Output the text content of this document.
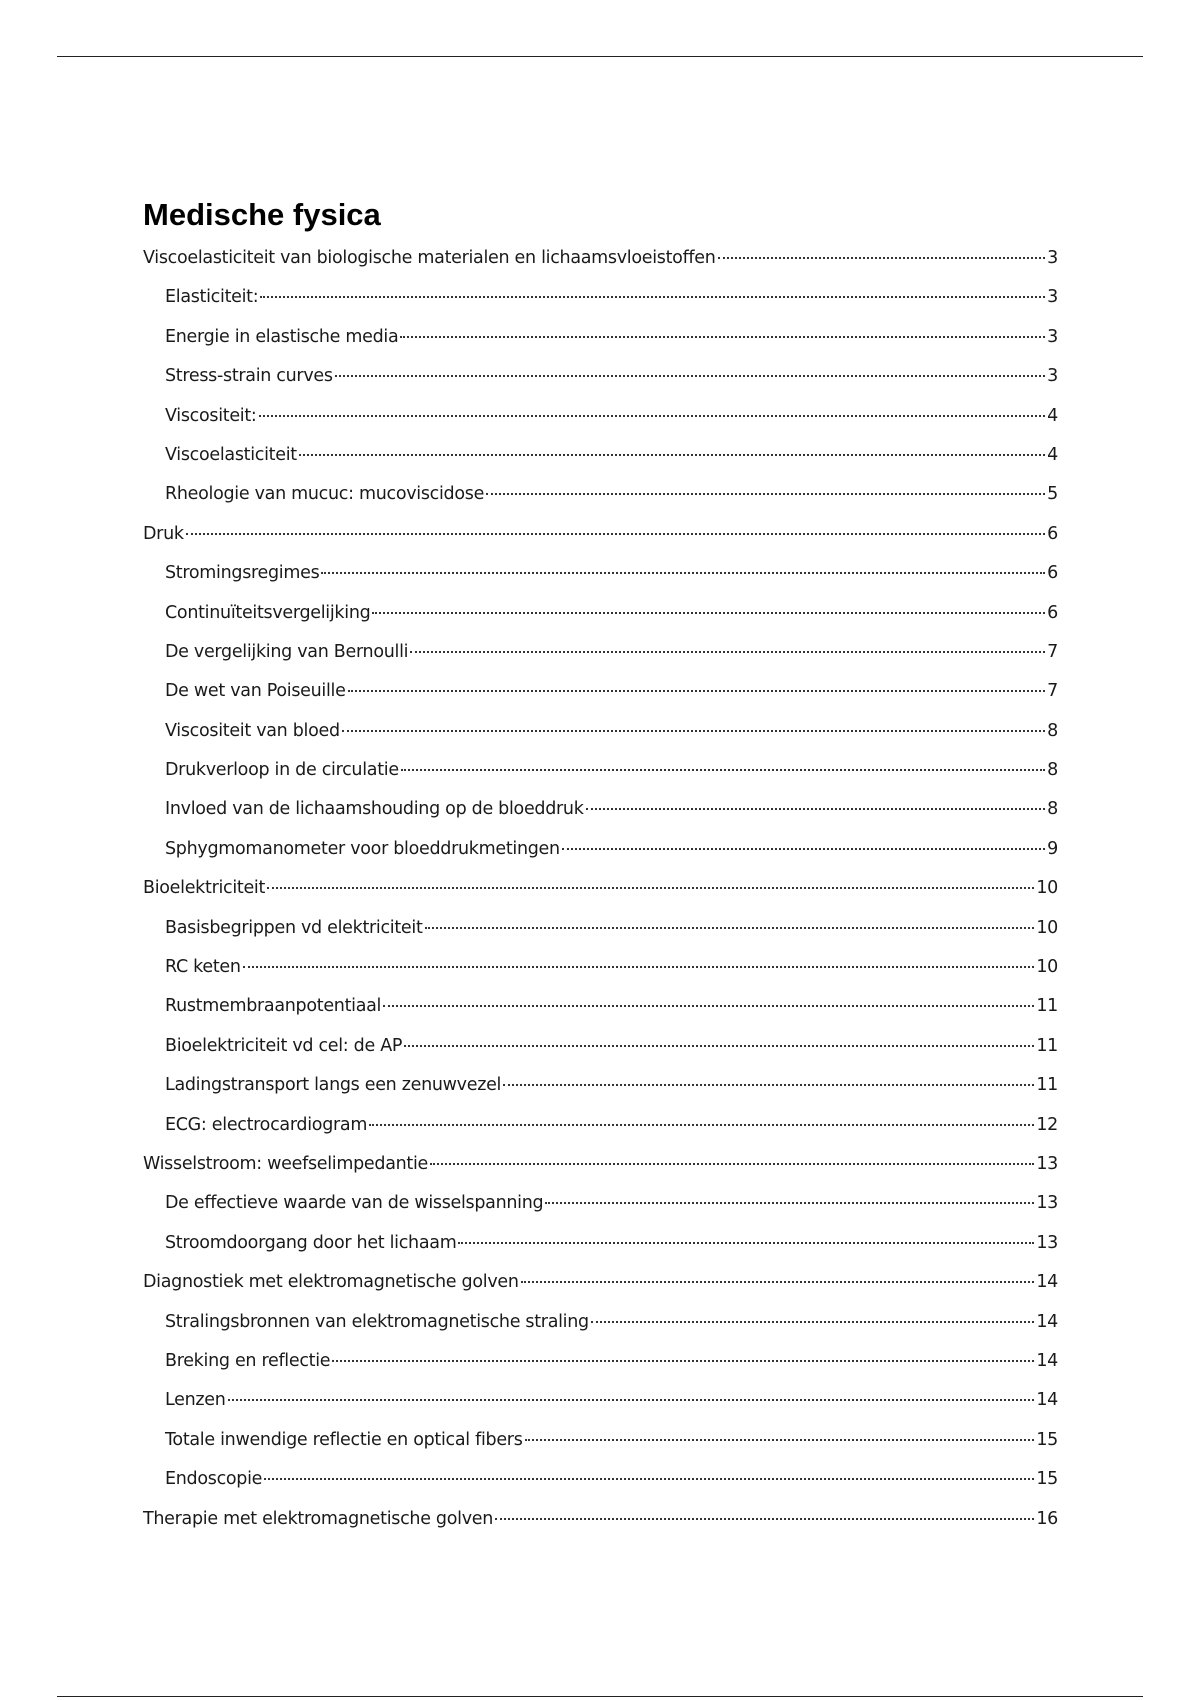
Medische fysica
Viscoelasticiteit van biologische materialen en lichaamsvloeistoffen	3
Elasticiteit:	3
Energie in elastische media	3
Stress-strain curves	3
Viscositeit:	4
Viscoelasticiteit	4
Rheologie van mucuc: mucoviscidose	5
Druk	6
Stromingsregimes	6
Continuïteitsvergelijking	6
De vergelijking van Bernoulli	7
De wet van Poiseuille	7
Viscositeit van bloed	8
Drukverloop in de circulatie	8
Invloed van de lichaamshouding op de bloeddruk	8
Sphygmomanometer voor bloeddrukmetingen	9
Bioelektriciteit	10
Basisbegrippen vd elektriciteit	10
RC keten	10
Rustmembraanpotentiaal	11
Bioelektriciteit vd cel: de AP	11
Ladingstransport langs een zenuwvezel	11
ECG: electrocardiogram	12
Wisselstroom: weefselimpedantie	13
De effectieve waarde van de wisselspanning	13
Stroomdoorgang door het lichaam	13
Diagnostiek met elektromagnetische golven	14
Stralingsbronnen van elektromagnetische straling	14
Breking en reflectie	14
Lenzen	14
Totale inwendige reflectie en optical fibers	15
Endoscopie	15
Therapie met elektromagnetische golven	16
